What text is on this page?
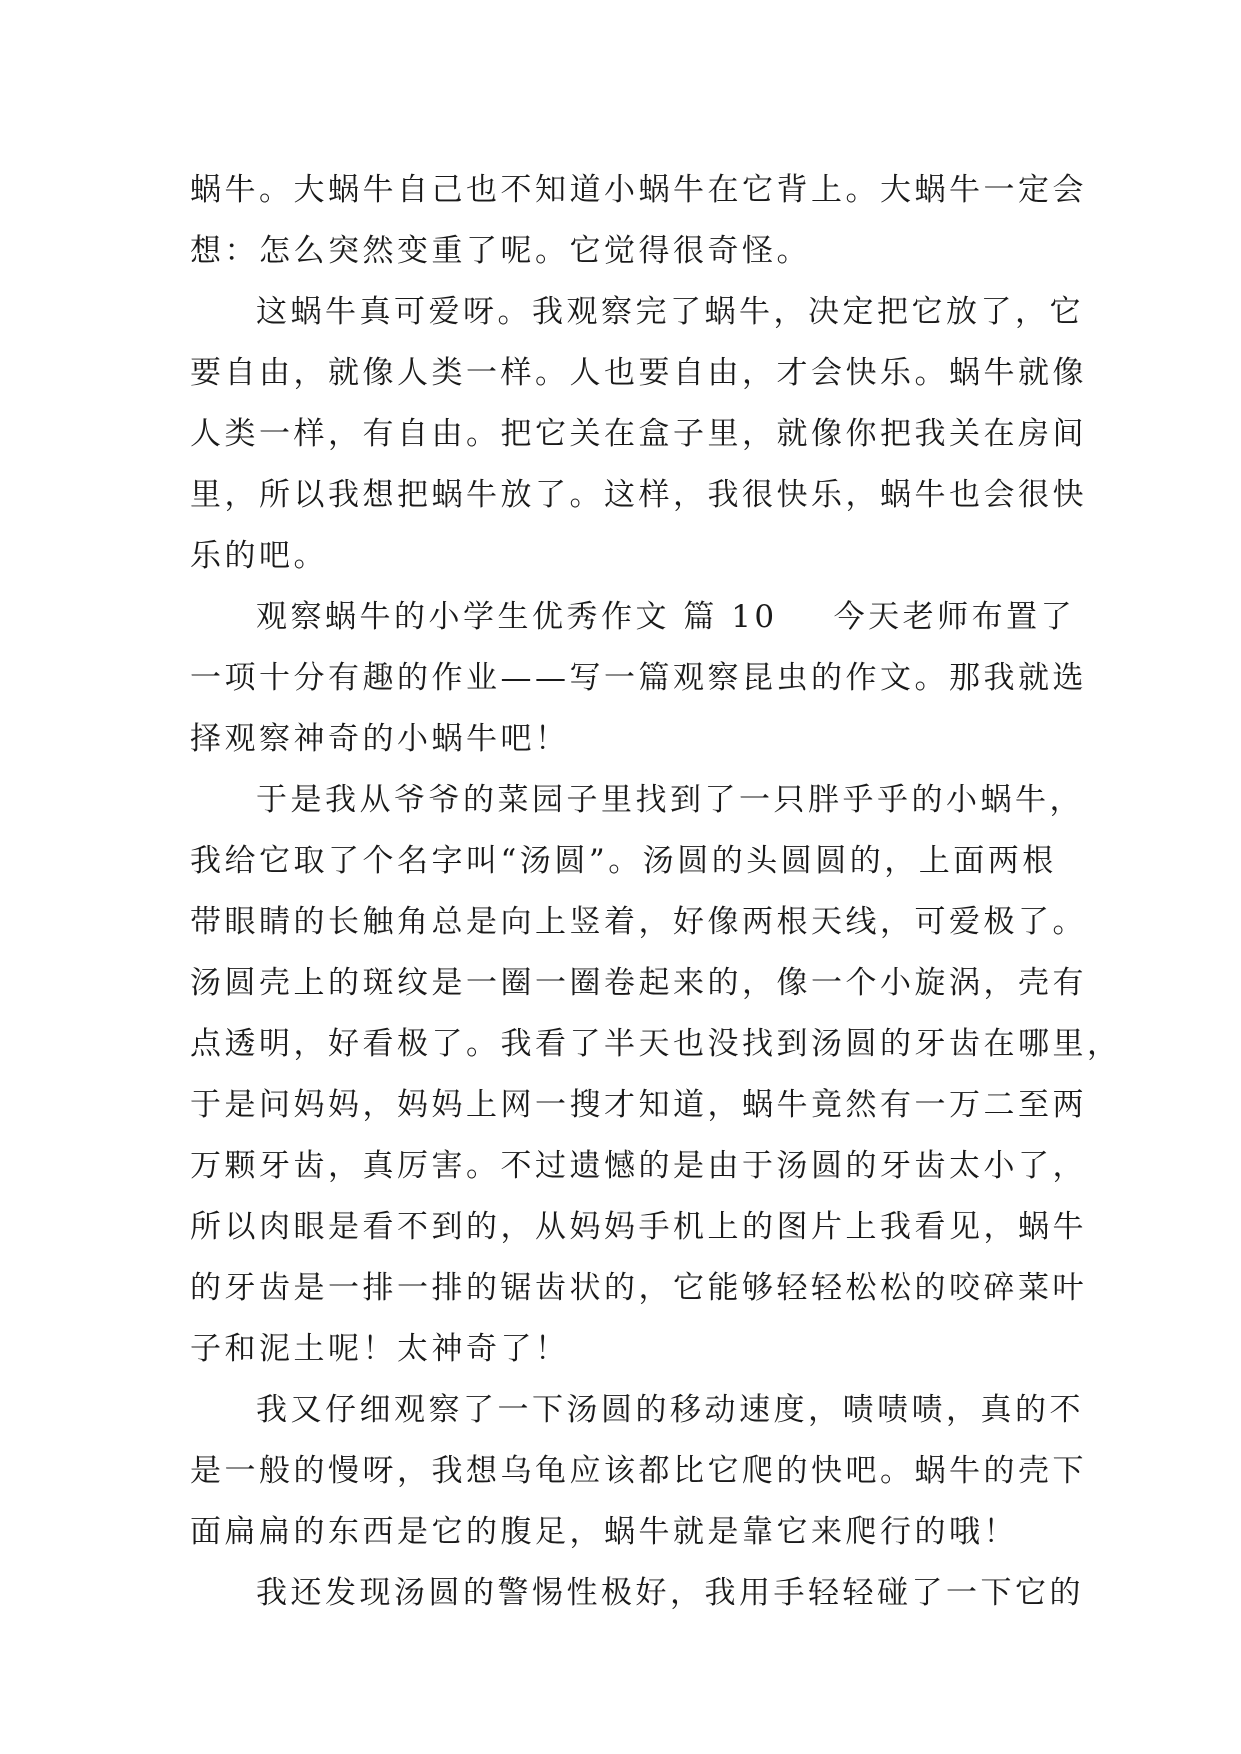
蜗牛。大蜗牛自己也不知道小蜗牛在它背上。大蜗牛一定会
想：怎么突然变重了呢。它觉得很奇怪。
这蜗牛真可爱呀。我观察完了蜗牛，决定把它放了，它
要自由，就像人类一样。人也要自由，才会快乐。蜗牛就像
人类一样，有自由。把它关在盒子里，就像你把我关在房间
里，所以我想把蜗牛放了。这样，我很快乐，蜗牛也会很快
乐的吧。
观察蜗牛的小学生优秀作文 篇 10 今天老师布置了
一项十分有趣的作业——写一篇观察昆虫的作文。那我就选
择观察神奇的小蜗牛吧！
于是我从爷爷的菜园子里找到了一只胖乎乎的小蜗牛，
我给它取了个名字叫“汤圆”。汤圆的头圆圆的，上面两根
带眼睛的长触角总是向上竖着，好像两根天线，可爱极了。
汤圆壳上的斑纹是一圈一圈卷起来的，像一个小旋涡，壳有
点透明，好看极了。我看了半天也没找到汤圆的牙齿在哪里，
于是问妈妈，妈妈上网一搜才知道，蜗牛竟然有一万二至两
万颗牙齿，真厉害。不过遗憾的是由于汤圆的牙齿太小了，
所以肉眼是看不到的，从妈妈手机上的图片上我看见，蜗牛
的牙齿是一排一排的锯齿状的，它能够轻轻松松的咬碎菜叶
子和泥土呢！太神奇了！
我又仔细观察了一下汤圆的移动速度，啧啧啧，真的不
是一般的慢呀，我想乌龟应该都比它爬的快吧。蜗牛的壳下
面扁扁的东西是它的腹足，蜗牛就是靠它来爬行的哦！
我还发现汤圆的警惕性极好，我用手轻轻碰了一下它的
